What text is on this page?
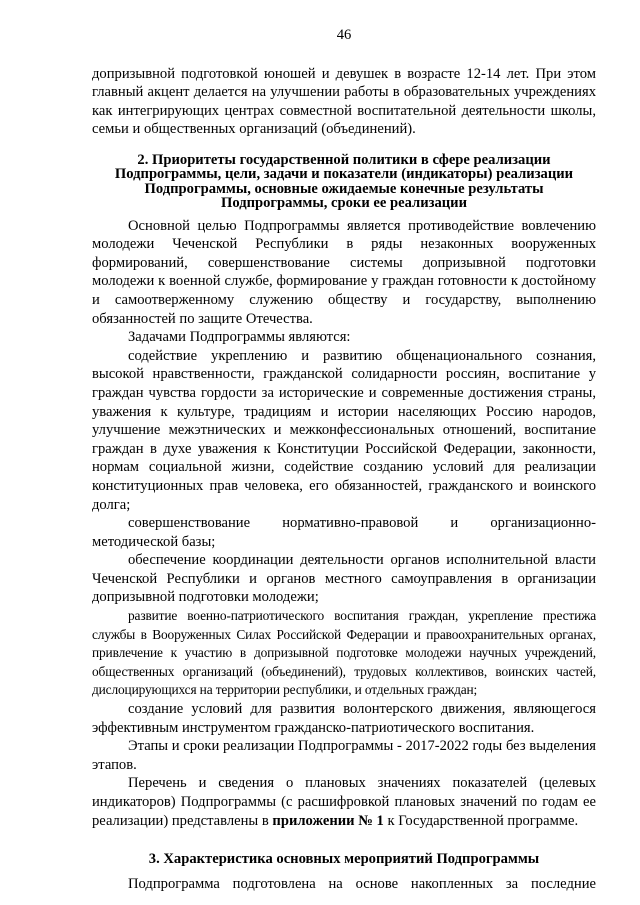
46

допризывной подготовкой юношей и девушек в возрасте 12-14 лет. При этом главный акцент делается на улучшении работы в образовательных учреждениях как интегрирующих центрах совместной воспитательной деятельности школы, семьи и общественных организаций (объединений).

2. Приоритеты государственной политики в сфере реализации
Подпрограммы, цели, задачи и показатели (индикаторы) реализации
Подпрограммы, основные ожидаемые конечные результаты
Подпрограммы, сроки ее реализации

Основной целью Подпрограммы является противодействие вовлечению молодежи Чеченской Республики в ряды незаконных вооруженных формирований, совершенствование системы допризывной подготовки молодежи к военной службе, формирование у граждан готовности к достойному и самоотверженному служению обществу и государству, выполнению обязанностей по защите Отечества.

Задачами Подпрограммы являются:

содействие укреплению и развитию общенационального сознания, высокой нравственности, гражданской солидарности россиян, воспитание у граждан чувства гордости за исторические и современные достижения страны, уважения к культуре, традициям и истории населяющих Россию народов, улучшение межэтнических и межконфессиональных отношений, воспитание граждан в духе уважения к Конституции Российской Федерации, законности, нормам социальной жизни, содействие созданию условий для реализации конституционных прав человека, его обязанностей, гражданского и воинского долга;

совершенствование нормативно-правовой и организационно-

методической базы;

обеспечение координации деятельности органов исполнительной власти Чеченской Республики и органов местного самоуправления в организации допризывной подготовки молодежи;

развитие военно-патриотического воспитания граждан, укрепление престижа службы в Вооруженных Силах Российской Федерации и правоохранительных органах, привлечение к участию в допризывной подготовке молодежи научных учреждений, общественных организаций (объединений), трудовых коллективов, воинских частей, дислоцирующихся на территории республики, и отдельных граждан;

создание условий для развития волонтерского движения, являющегося эффективным инструментом гражданско-патриотического воспитания.

Этапы и сроки реализации Подпрограммы - 2017-2022 годы без выделения этапов.

Перечень и сведения о плановых значениях показателей (целевых индикаторов) Подпрограммы (с расшифровкой плановых значений по годам ее реализации) представлены в приложении № 1 к Государственной программе.

3. Характеристика основных мероприятий Подпрограммы

Подпрограмма подготовлена на основе накопленных за последние
